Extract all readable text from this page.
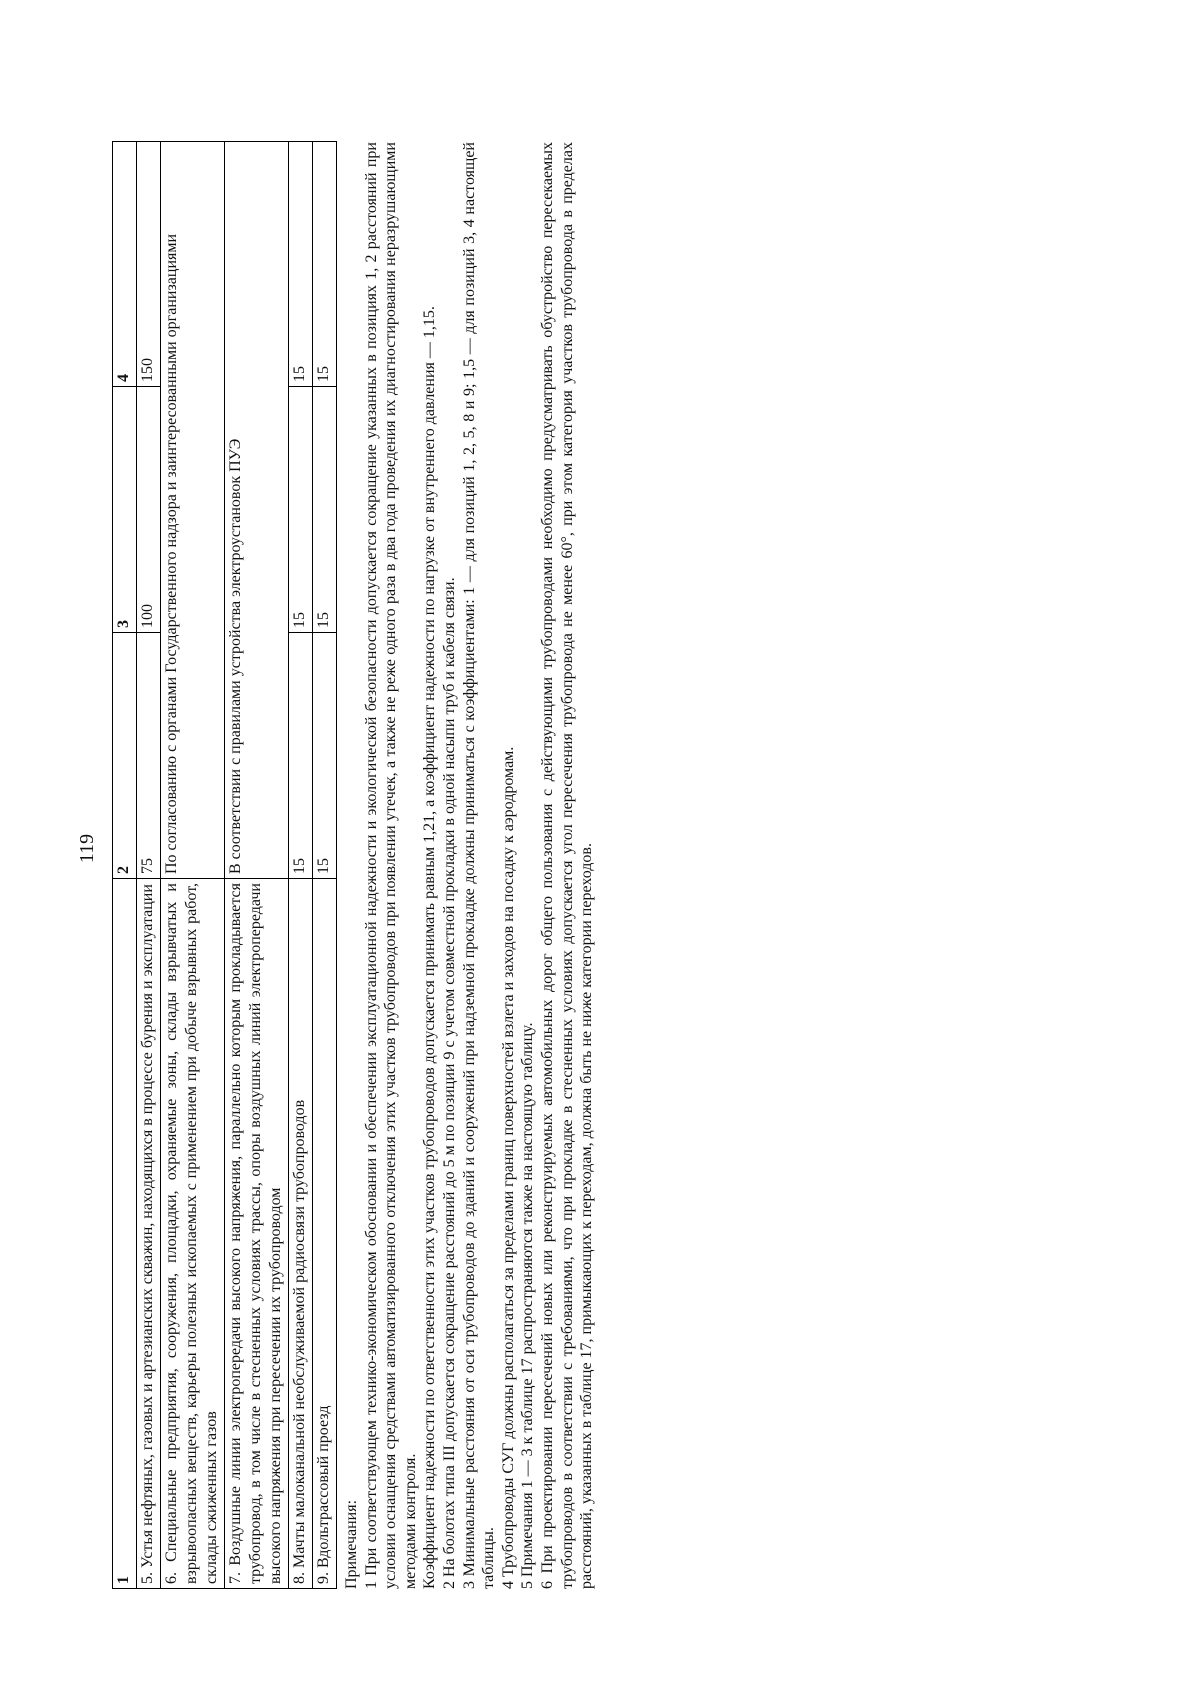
119
1	2	3	4
5. Устья нефтяных, газовых и артезианских скважин, находящихся в процессе бурения и эксплуатации	75	100	150
6. Специальные предприятия, сооружения, площадки, охраняемые зоны, склады взрывчатых и взрывоопасных веществ, карьеры полезных ископаемых с применением при добыче взрывных работ, склады сжиженных газов	По согласованию с органами Государственного надзора и заинтересованными организациями		
7. Воздушные линии электропередачи высокого напряжения, параллельно которым прокладывается трубопровод, в том числе в стесненных условиях трассы, опоры воздушных линий электропередачи высокого напряжения при пересечении их трубопроводом	В соответствии с правилами устройства электроустановок ПУЭ		
8. Мачты малоканальной необслуживаемой радиосвязи трубопроводов	15	15	15
9. Вдольтрассовый проезд	15	15	15

Примечания: 1 При соответствующем технико-экономическом обосновании и обеспечении эксплуатационной надежности и экологической безопасности допускается сокращение указанных в позициях 1, 2 расстояний при условии оснащения средствами автоматизированного отключения этих участков трубопроводов при появлении утечек, а также не реже одного раза в два года проведения их диагностирования неразрушающими методами контроля. Коэффициент надежности по ответственности этих участков трубопроводов допускается принимать равным 1,21, а коэффициент надежности по нагрузке от внутреннего давления — 1,15. 2 На болотах типа III допускается сокращение расстояний до 5 м по позиции 9 с учетом совместной прокладки в одной насыпи труб и кабеля связи. 3 Минимальные расстояния от оси трубопроводов до зданий и сооружений при надземной прокладке должны приниматься с коэффициентами: 1 — для позиций 1, 2, 5, 8 и 9; 1,5 — для позиций 3, 4 настоящей таблицы. 4 Трубопроводы СУГ должны располагаться за пределами границ поверхностей взлета и заходов на посадку к аэродромам. 5 Примечания 1 — 3 к таблице 17 распространяются также на настоящую таблицу. 6 При проектировании пересечений новых или реконструируемых автомобильных дорог общего пользования с действующими трубопроводами необходимо предусматривать обустройство пересекаемых трубопроводов в соответствии с требованиями, что при прокладке в стесненных условиях допускается угол пересечения трубопровода не менее 60°, при этом категория участков трубопровода в пределах расстояний, указанных в таблице 17, примыкающих к переходам, должна быть не ниже категории переходов.
